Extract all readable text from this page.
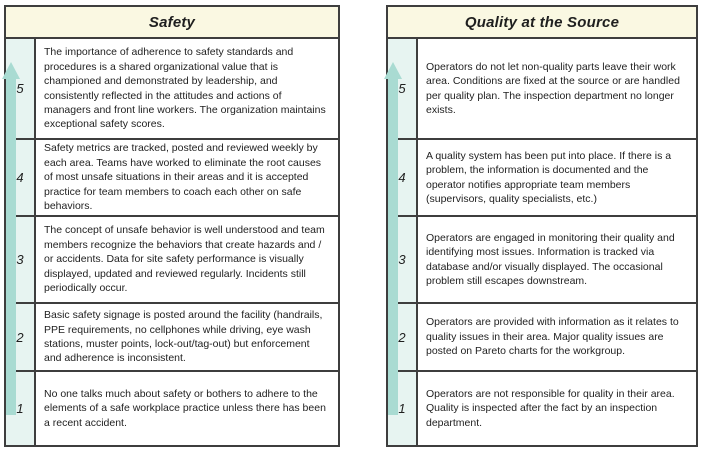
Safety
5

The importance of adherence to safety standards and procedures is a shared organizational value that is championed and demonstrated by leadership, and consistently reflected in the attitudes and actions of managers and front line workers. The organization maintains exceptional safety scores.

4

Safety metrics are tracked, posted and reviewed weekly by each area. Teams have worked to eliminate the root causes of most unsafe situations in their areas and it is accepted practice for team members to coach each other on safe behaviors.

3

The concept of unsafe behavior is well understood and team members recognize the behaviors that create hazards and / or accidents. Data for site safety performance is visually displayed, updated and reviewed regularly. Incidents still periodically occur.

2

Basic safety signage is posted around the facility (handrails, PPE requirements, no cellphones while driving, eye wash stations, muster points, lock-out/tag-out) but enforcement and adherence is inconsistent.

1

No one talks much about safety or bothers to adhere to the elements of a safe workplace practice unless there has been a recent accident.

Quality at the Source
5

Operators do not let non-quality parts leave their work area. Conditions are fixed at the source or are handled per quality plan. The inspection department no longer exists.

4

A quality system has been put into place. If there is a problem, the information is documented and the operator notifies appropriate team members (supervisors, quality specialists, etc.)

3

Operators are engaged in monitoring their quality and identifying most issues. Information is tracked via database and/or visually displayed. The occasional problem still escapes downstream.

2

Operators are provided with information as it relates to quality issues in their area. Major quality issues are posted on Pareto charts for the workgroup.

1

Operators are not responsible for quality in their area. Quality is inspected after the fact by an inspection department.
